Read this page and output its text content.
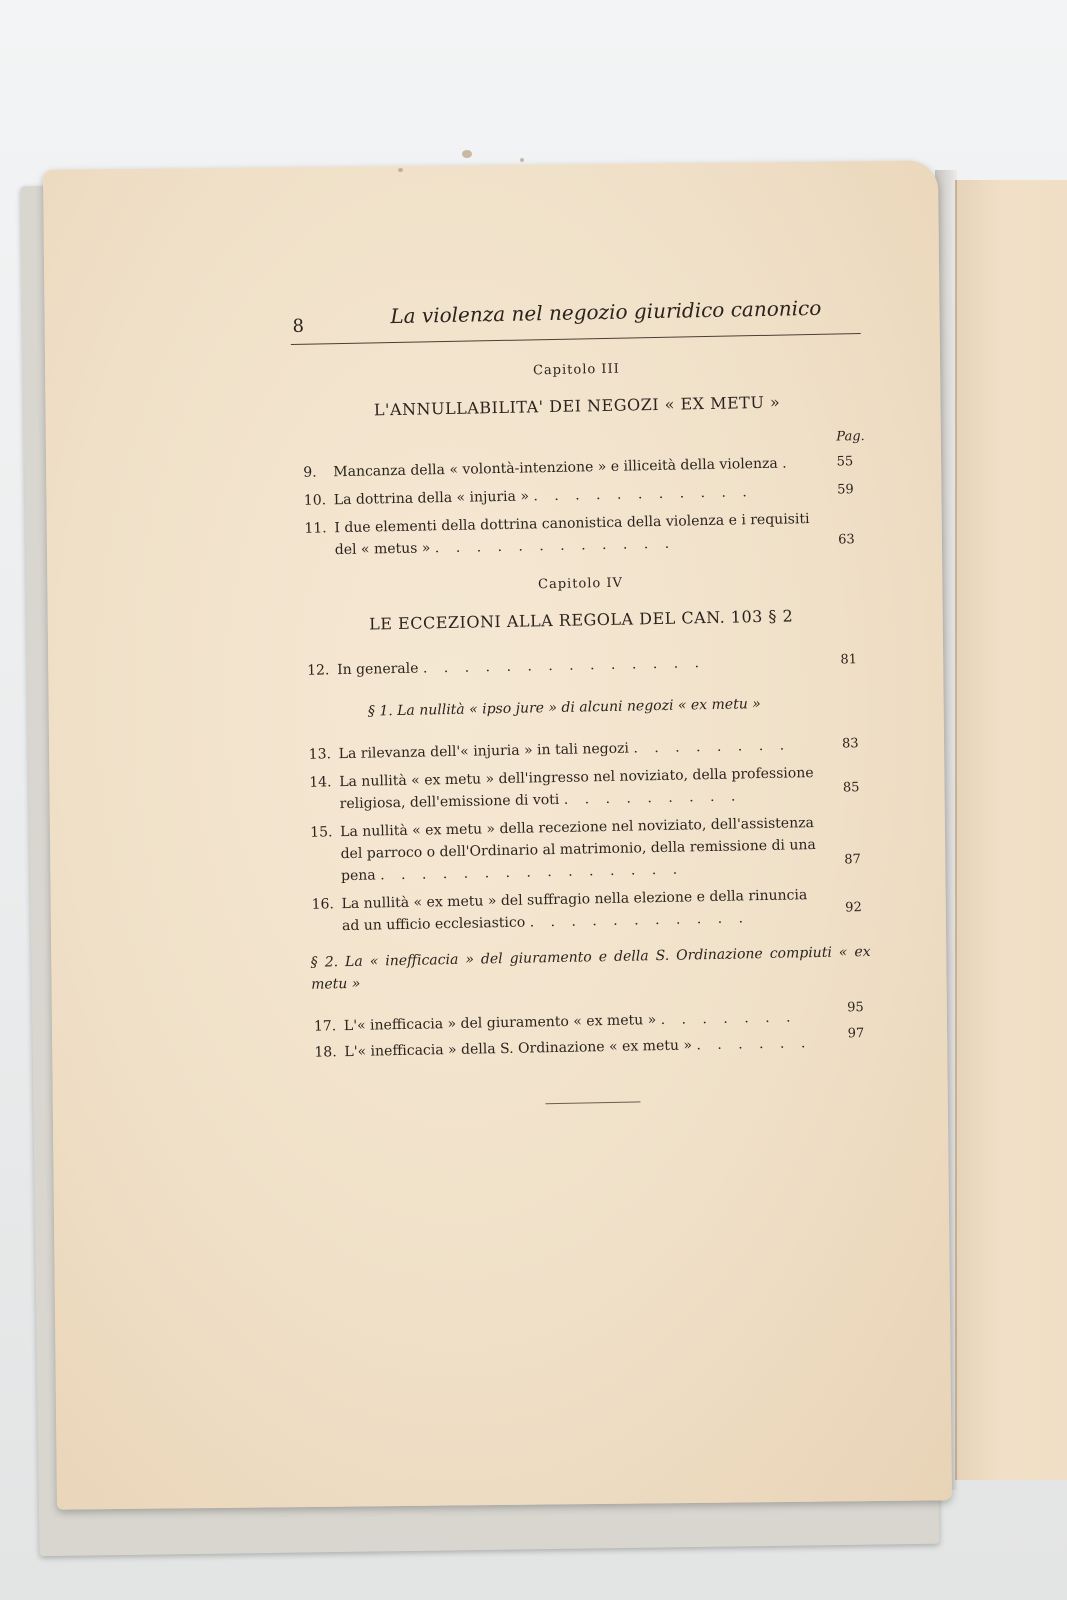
8	La violenza nel negozio giuridico canonico
Capitolo III
L'ANNULLABILITA' DEI NEGOZI « EX METU »
Pag.
9.	Mancanza della « volontà-intenzione » e illiceità della violenza .	55
10. La dottrina della « injuria » . . . . . . . . . . .	59
11. I due elementi della dottrina canonistica della violenza e i requisiti del « metus » . . . . . . . . . . . .	63
Capitolo IV
LE ECCEZIONI ALLA REGOLA DEL CAN. 103 § 2
12. In generale . . . . . . . . . . . . . .	81
§ 1. La nullità « ipso jure » di alcuni negozi « ex metu »
13. La rilevanza dell'« injuria » in tali negozi . . . . . . . .	83
14. La nullità « ex metu » dell'ingresso nel noviziato, della professione religiosa, dell'emissione di voti . . . . . . . . .
85
15. La nullità « ex metu » della recezione nel noviziato, dell'assistenza del parroco o dell'Ordinario al matrimonio, della remissione di una pena . . . . . . . . . . . . . . .
87
16. La nullità « ex metu » del suffragio nella elezione e della rinuncia ad un ufficio ecclesiastico . . . . . . . . . . .
92
§ 2. La « inefficacia » del giuramento e della S. Ordinazione compiuti « ex metu »
17. L'« inefficacia » del giuramento « ex metu » . . . . . . .
95
18. L'« inefficacia » della S. Ordinazione « ex metu » . . . . . .
97
